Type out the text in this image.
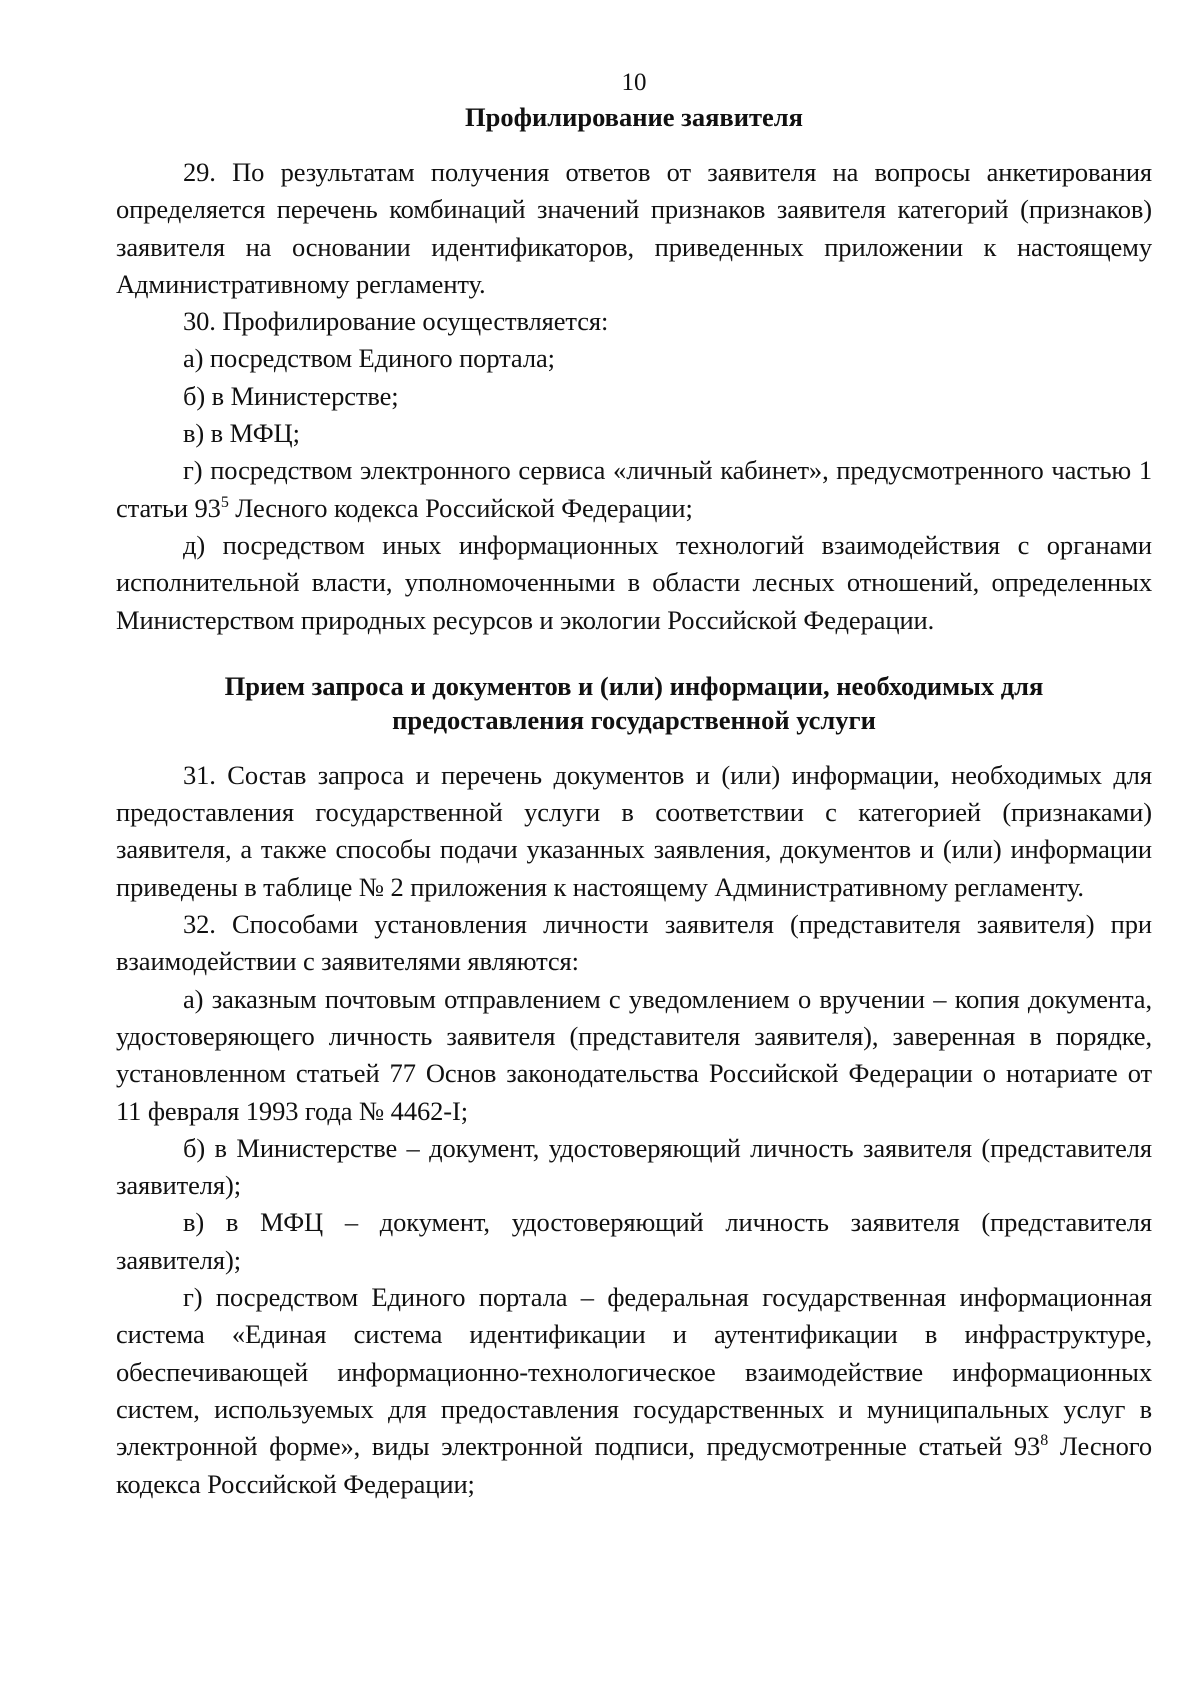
10
Профилирование заявителя

29. По результатам получения ответов от заявителя на вопросы анкетирования определяется перечень комбинаций значений признаков заявителя категорий (признаков) заявителя на основании идентификаторов, приведенных приложении к настоящему Административному регламенту.

30. Профилирование осуществляется:

а) посредством Единого портала;

б) в Министерстве;

в) в МФЦ;

г) посредством электронного сервиса «личный кабинет», предусмотренного частью 1 статьи $93^5$ Лесного кодекса Российской Федерации;

д) посредством иных информационных технологий взаимодействия с органами исполнительной власти, уполномоченными в области лесных отношений, определенных Министерством природных ресурсов и экологии Российской Федерации.

Прием запроса и документов и (или) информации, необходимых для
предоставления государственной услуги

31. Состав запроса и перечень документов и (или) информации, необходимых для предоставления государственной услуги в соответствии с категорией (признаками) заявителя, а также способы подачи указанных заявления, документов и (или) информации приведены в таблице № 2 приложения к настоящему Административному регламенту.

32. Способами установления личности заявителя (представителя заявителя) при взаимодействии с заявителями являются:

а) заказным почтовым отправлением с уведомлением о вручении – копия документа, удостоверяющего личность заявителя (представителя заявителя), заверенная в порядке, установленном статьей 77 Основ законодательства Российской Федерации о нотариате от 11 февраля 1993 года № 4462-I;

б) в Министерстве – документ, удостоверяющий личность заявителя (представителя заявителя);

в) в МФЦ – документ, удостоверяющий личность заявителя (представителя заявителя);

г) посредством Единого портала – федеральная государственная информационная система «Единая система идентификации и аутентификации в инфраструктуре, обеспечивающей информационно-технологическое взаимодействие информационных систем, используемых для предоставления государственных и муниципальных услуг в электронной форме», виды электронной подписи, предусмотренные статьей $93^8$ Лесного кодекса Российской Федерации;
